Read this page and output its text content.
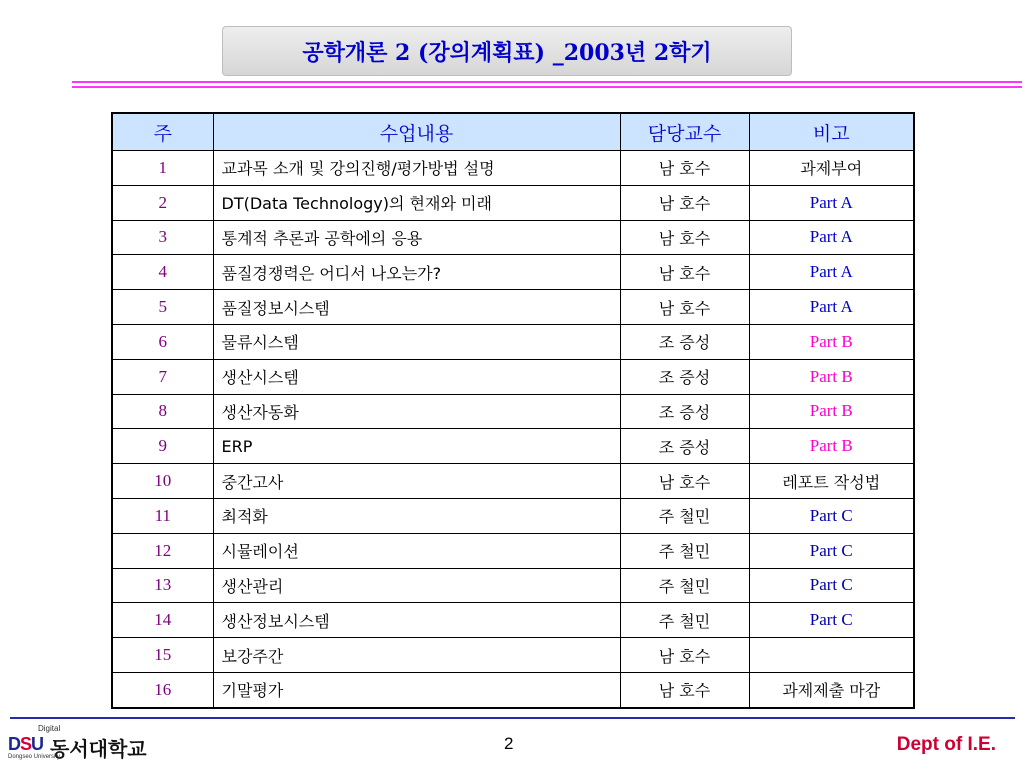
공학개론 2 (강의계획표) _2003년 2학기
주	수업내용	담당교수	비고
1	교과목 소개 및 강의진행/평가방법 설명	남 호수	과제부여
2	DT(Data Technology)의 현재와 미래	남 호수	Part A
3	통계적 추론과 공학에의 응용	남 호수	Part A
4	품질경쟁력은 어디서 나오는가?	남 호수	Part A
5	품질정보시스템	남 호수	Part A
6	물류시스템	조 증성	Part B
7	생산시스템	조 증성	Part B
8	생산자동화	조 증성	Part B
9	ERP	조 증성	Part B
10	중간고사	남 호수	레포트 작성법
11	최적화	주 철민	Part C
12	시뮬레이션	주 철민	Part C
13	생산관리	주 철민	Part C
14	생산정보시스템	주 철민	Part C
15	보강주간	남 호수	
16	기말평가	남 호수	과제제출 마감
Digital
DSU 동서대학교
Dongseo University
2	Dept of I.E.
